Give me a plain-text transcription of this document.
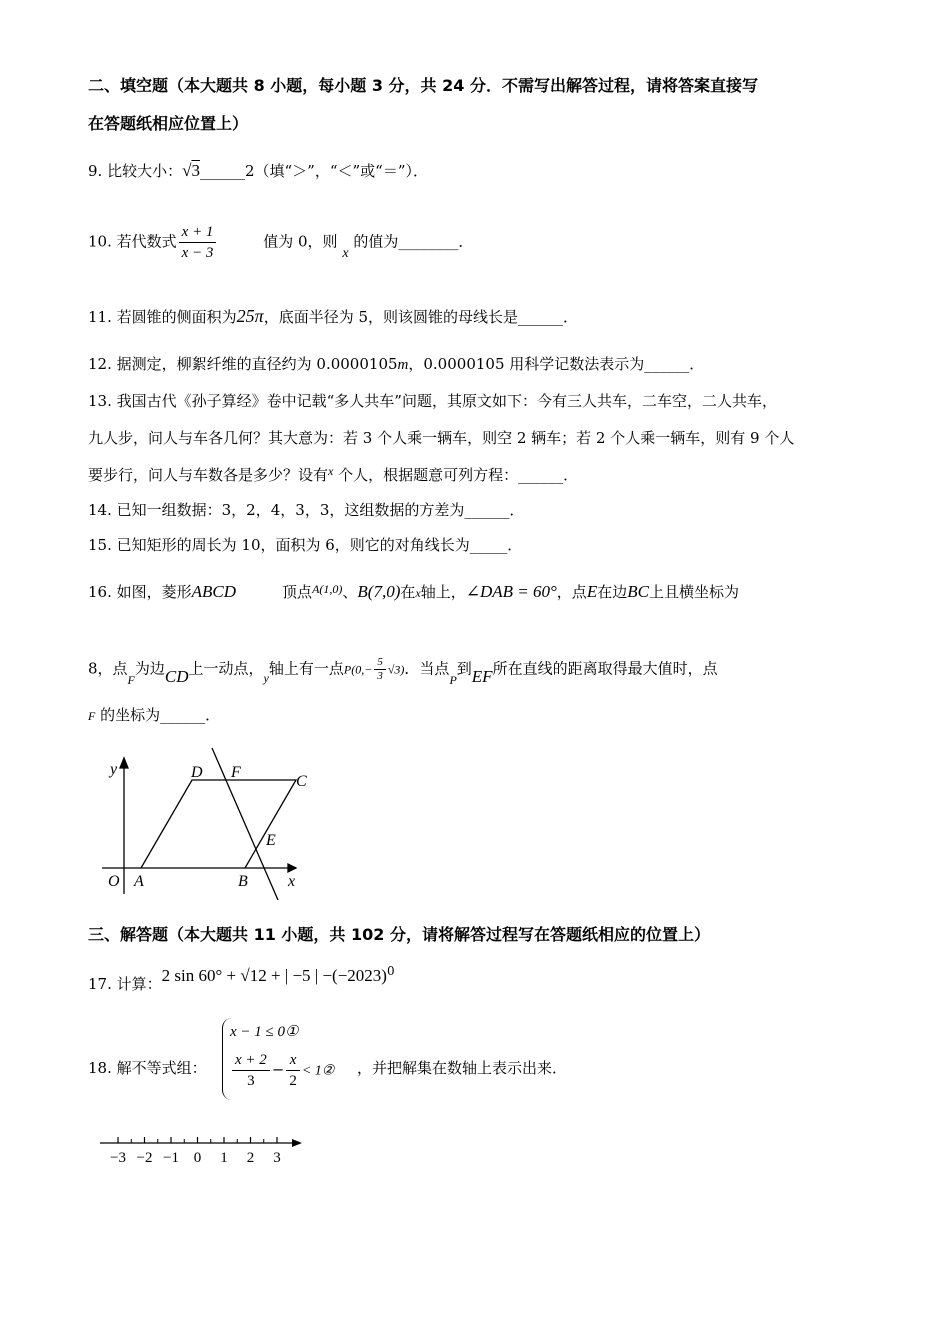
二、填空题（本大题共 8 小题，每小题 3 分，共 24 分．不需写出解答过程，请将答案直接写
在答题纸相应位置上）
9. 比较大小：√3______2（填“＞”，“＜”或“＝”）．
10. 若代数式 $\frac{x + 1}{x - 3}$	值为 0，则 x 的值为________．
11. 若圆锥的侧面积为25π，底面半径为 5，则该圆锥的母线长是______．
12. 据测定，柳絮纤维的直径约为 0.0000105m，0.0000105 用科学记数法表示为______．
13. 我国古代《孙子算经》卷中记载“多人共车”问题，其原文如下：今有三人共车，二车空，二人共车，
九人步，问人与车各几何？其大意为：若 3 个人乘一辆车，则空 2 辆车；若 2 个人乘一辆车，则有 9 个人
要步行，问人与车数各是多少？设有$^x$ 个人，根据题意可列方程：______．
14. 已知一组数据：3，2，4，3，3，这组数据的方差为______．
15. 已知矩形的周长为 10，面积为 6，则它的对角线长为_____．
16. 如图，菱形ABCD	顶点$^{A(1,0)}$、B(7,0)在x轴上，∠DAB = 60°，点E在边BC上且横坐标为
8，点$_F$为边CD上一动点，$_y$轴上有一点$P(0,- \frac{5}{3} √3)$．当点$_P$到EF所在直线的距离取得最大值时，点
F 的坐标为______．
y	D F
C
E
O A	B	x
三、解答题（本大题共 11 小题，共 102 分，请将解答过程写在答题纸相应的位置上）
17. 计算：2 sin 60° + √12 + | −5 | $-(-2023)^0$
18. 解不等式组：
x − 1 ≤ 0①
$\frac{x + 2}{3} - \frac{x}{2}$ < 1② ，并把解集在数轴上表示出来．
−3 −2 −1 0 1 2 3
